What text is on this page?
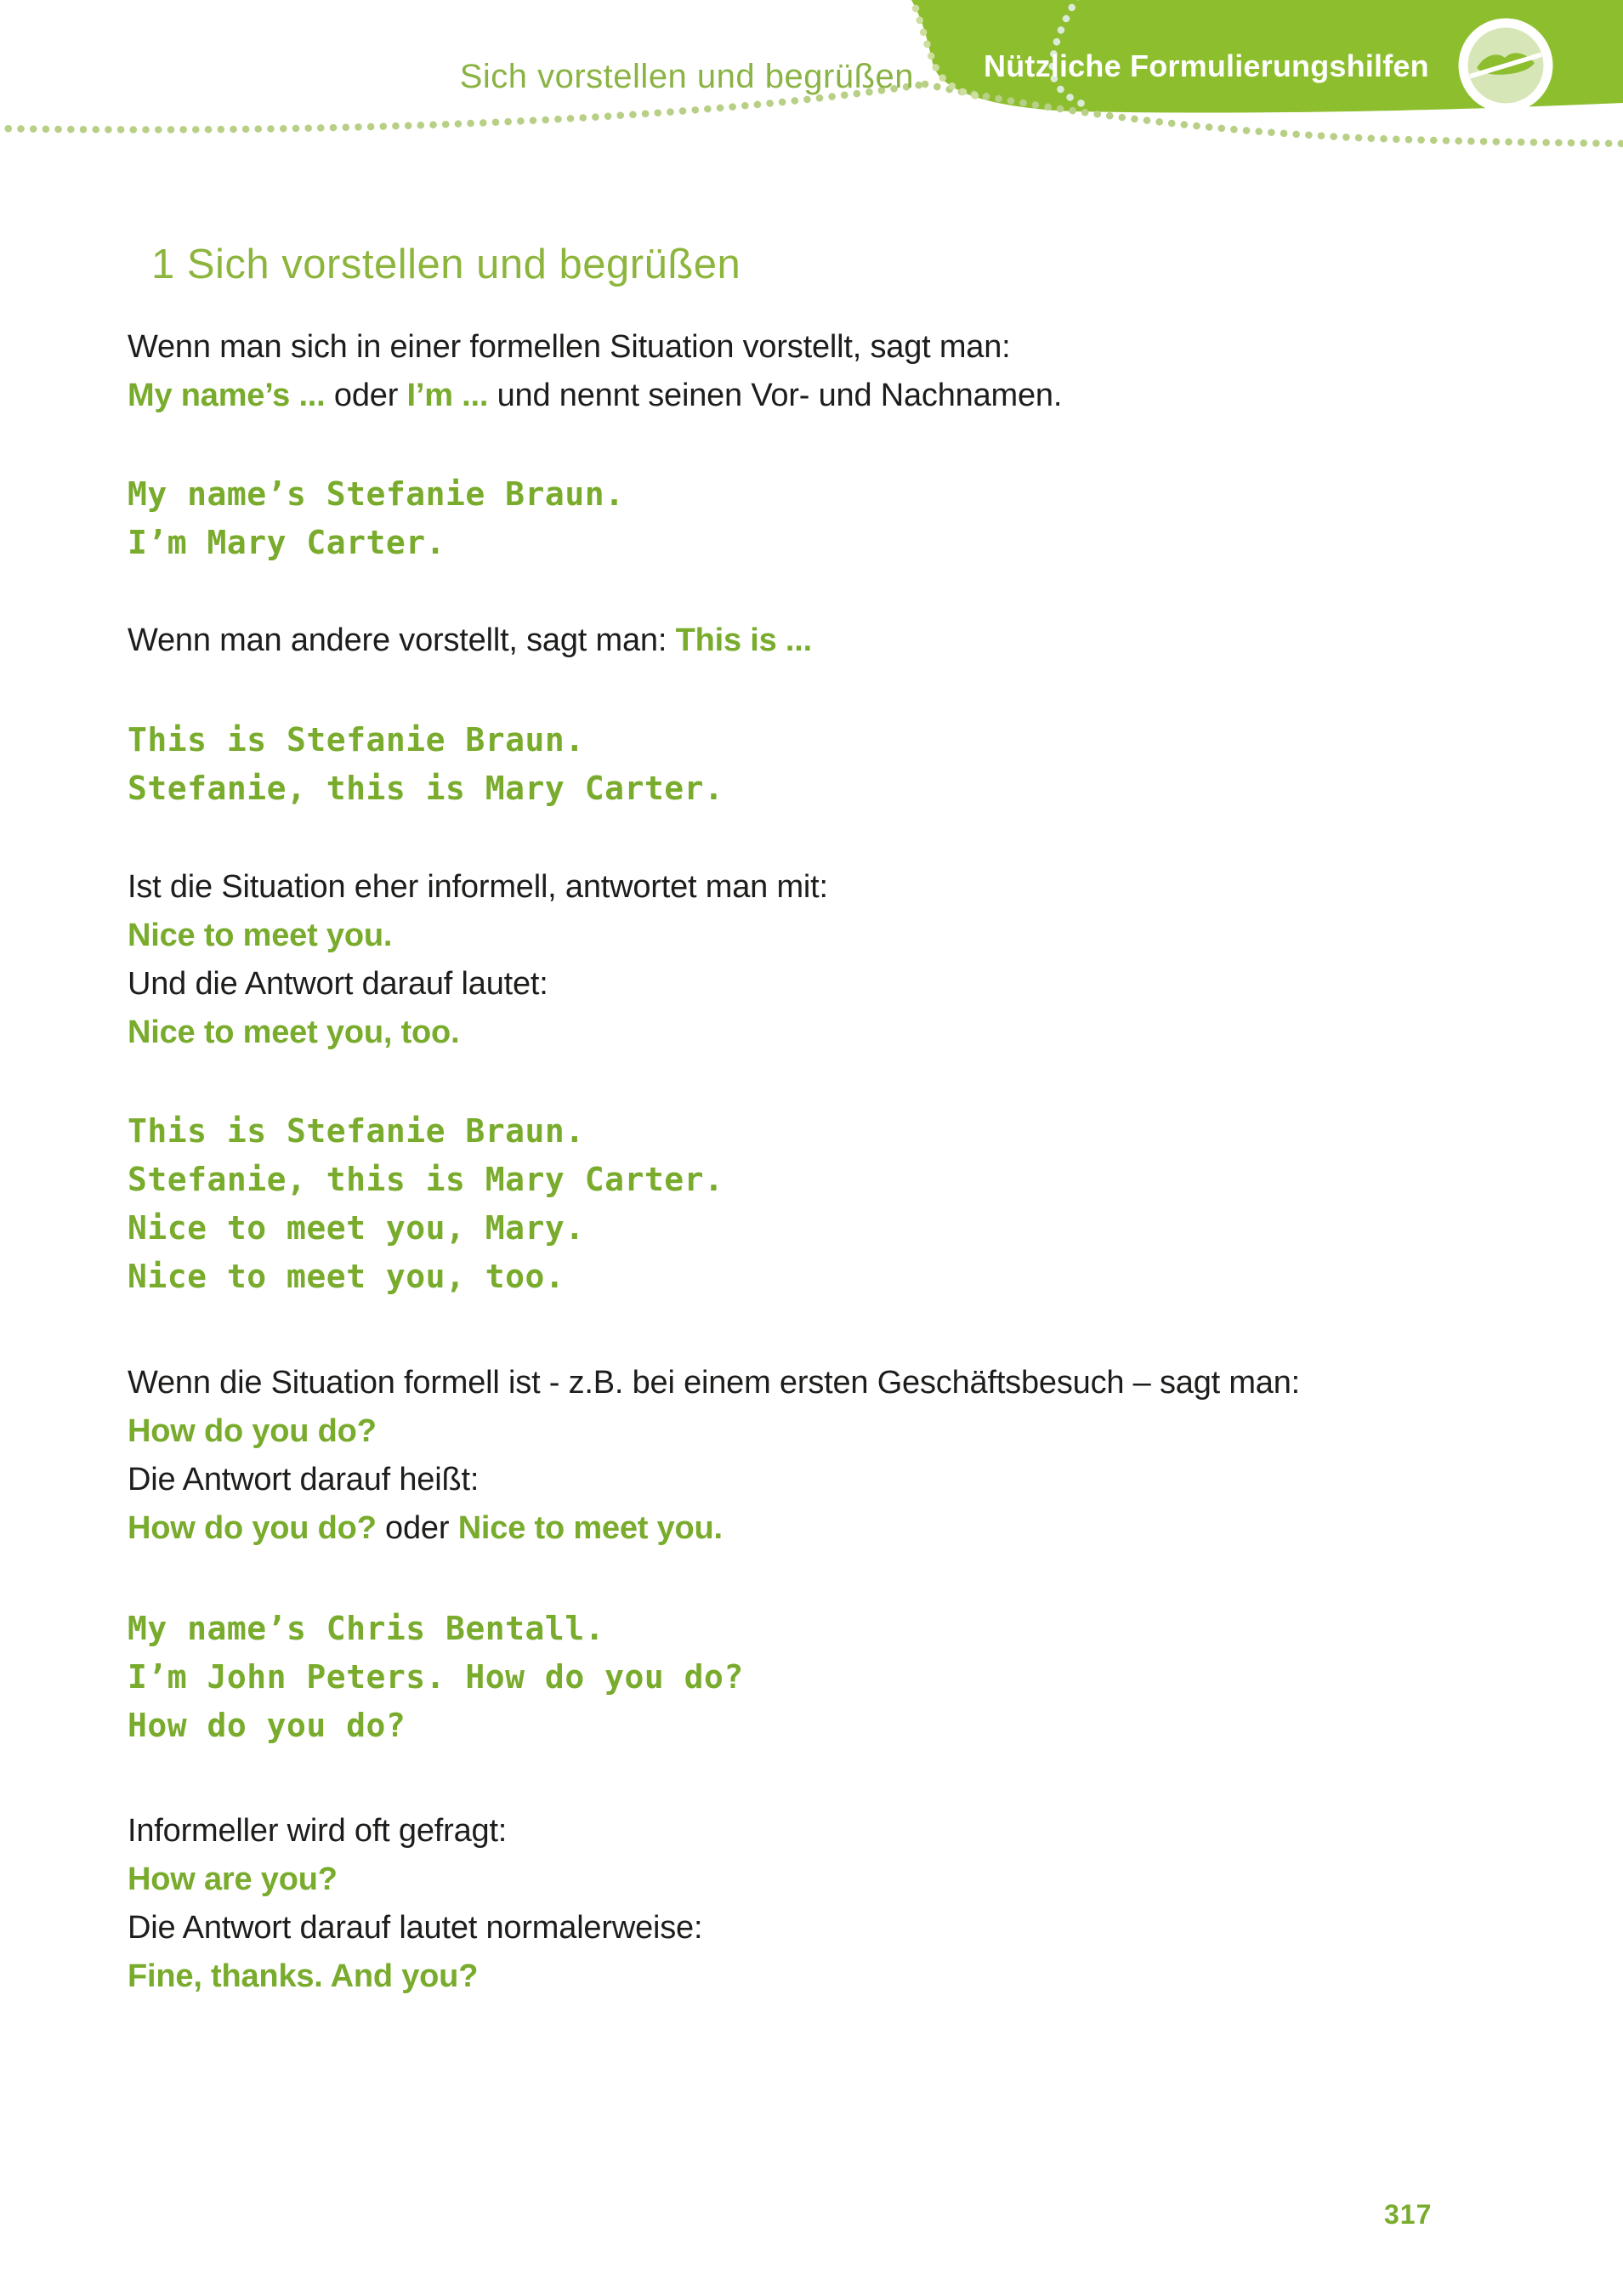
Sich vorstellen und begrüßen Nützliche Formulierungshilfen
1 Sich vorstellen und begrüßen
Wenn man sich in einer formellen Situation vorstellt, sagt man:
My name’s ... oder I’m ... und nennt seinen Vor- und Nachnamen.
My name’s Stefanie Braun.
I’m Mary Carter.
Wenn man andere vorstellt, sagt man: This is ...
This is Stefanie Braun.
Stefanie, this is Mary Carter.
Ist die Situation eher informell, antwortet man mit:
Nice to meet you.
Und die Antwort darauf lautet:
Nice to meet you, too.
This is Stefanie Braun.
Stefanie, this is Mary Carter.
Nice to meet you, Mary.
Nice to meet you, too.
Wenn die Situation formell ist - z.B. bei einem ersten Geschäftsbesuch – sagt man:
How do you do?
Die Antwort darauf heißt:
How do you do? oder Nice to meet you.
My name’s Chris Bentall.
I’m John Peters. How do you do?
How do you do?
Informeller wird oft gefragt:
How are you?
Die Antwort darauf lautet normalerweise:
Fine, thanks. And you?
317
